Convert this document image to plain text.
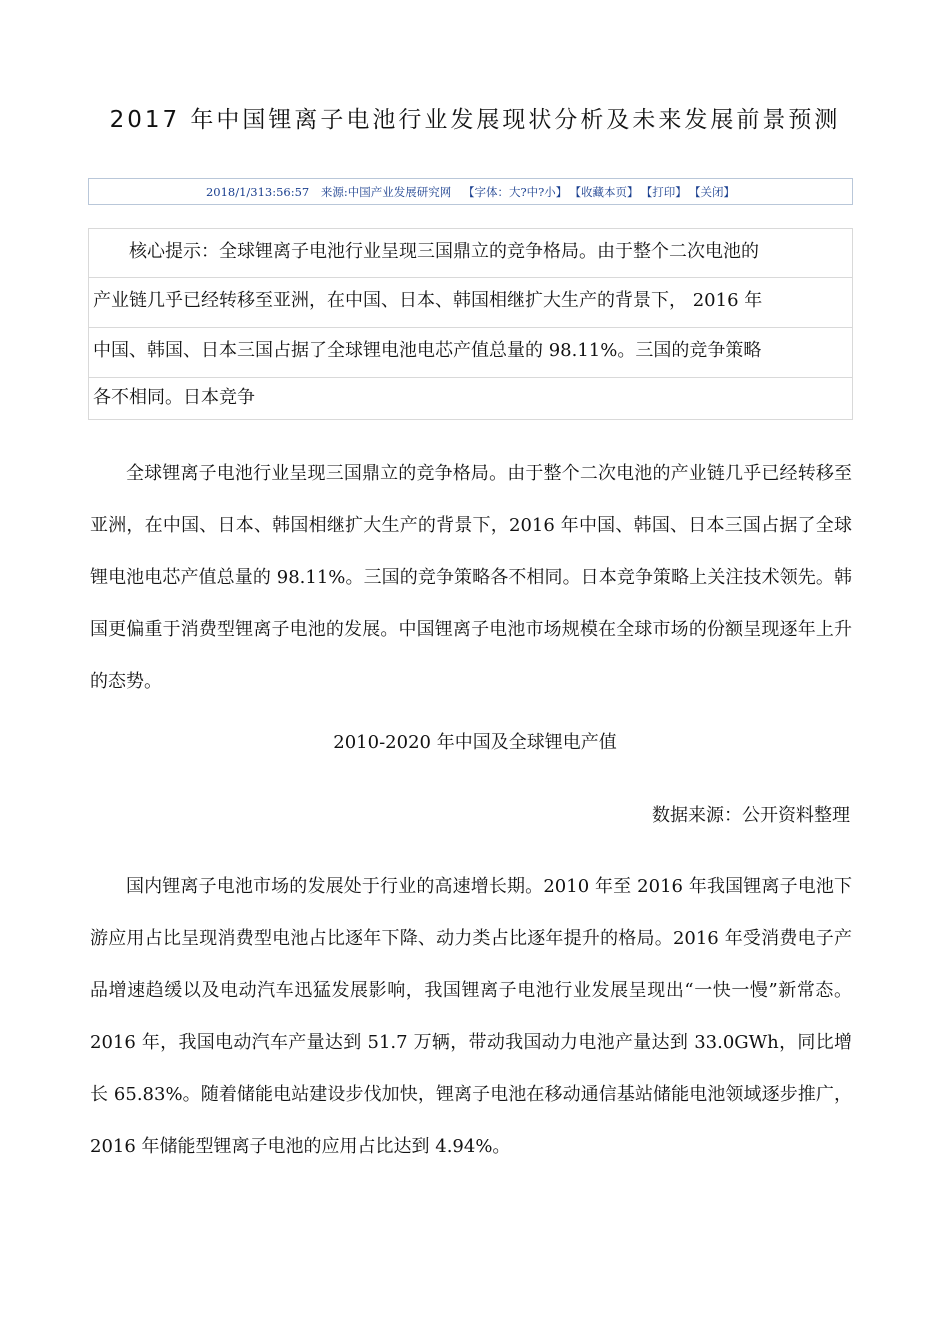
2017 年中国锂离子电池行业发展现状分析及未来发展前景预测
2018/1/313:56:57 来源:中国产业发展研究网 【字体：大?中?小】 【收藏本页】 【打印】 【关闭】
核心提示：全球锂离子电池行业呈现三国鼎立的竞争格局。由于整个二次电池的
产业链几乎已经转移至亚洲，在中国、日本、韩国相继扩大生产的背景下， 2016 年
中国、韩国、日本三国占据了全球锂电池电芯产值总量的 98.11%。三国的竞争策略
各不相同。日本竞争

全球锂离子电池行业呈现三国鼎立的竞争格局。由于整个二次电池的产业链几乎已经转移至亚洲，在中国、日本、韩国相继扩大生产的背景下，2016 年中国、韩国、日本三国占据了全球锂电池电芯产值总量的 98.11%。三国的竞争策略各不相同。日本竞争策略上关注技术领先。韩国更偏重于消费型锂离子电池的发展。中国锂离子电池市场规模在全球市场的份额呈现逐年上升的态势。

2010-2020 年中国及全球锂电产值
数据来源：公开资料整理

国内锂离子电池市场的发展处于行业的高速增长期。2010 年至 2016 年我国锂离子电池下游应用占比呈现消费型电池占比逐年下降、动力类占比逐年提升的格局。2016 年受消费电子产品增速趋缓以及电动汽车迅猛发展影响，我国锂离子电池行业发展呈现出“一快一慢”新常态。2016 年，我国电动汽车产量达到 51.7 万辆，带动我国动力电池产量达到 33.0GWh，同比增长 65.83%。随着储能电站建设步伐加快，锂离子电池在移动通信基站储能电池领域逐步推广，2016 年储能型锂离子电池的应用占比达到 4.94%。
